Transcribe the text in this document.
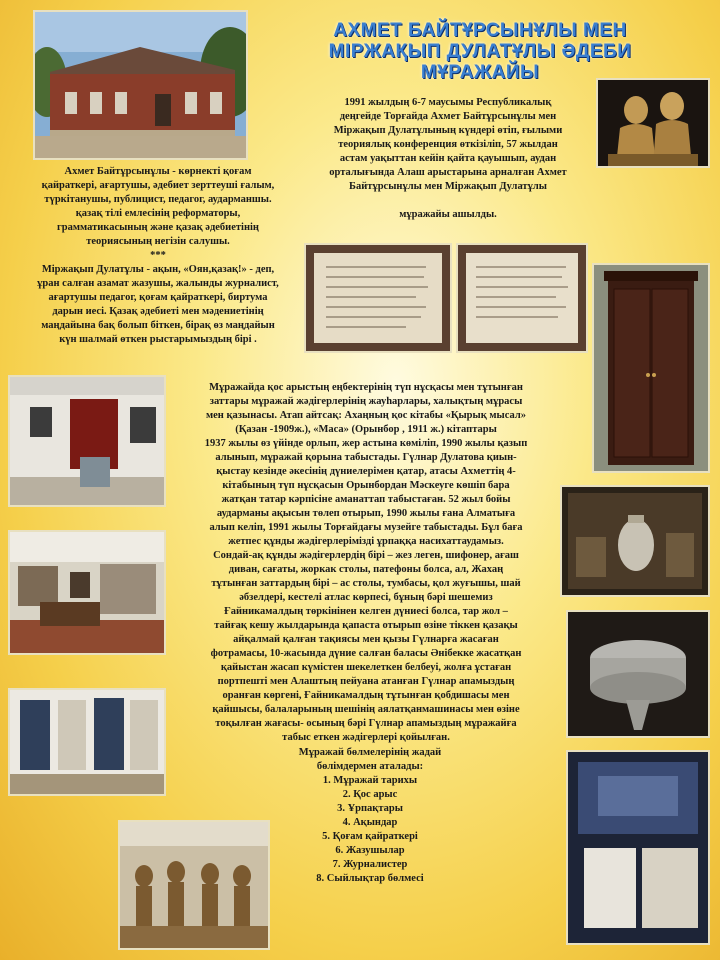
АХМЕТ БАЙТҰРСЫНҰЛЫ МЕН
МІРЖАҚЫП ДУЛАТҰЛЫ ӘДЕБИ
МҰРАЖАЙЫ
1991 жылдың 6-7 маусымы Республикалық
деңгейде Торғайда Ахмет Байтұрсынұлы мен
Міржақып Дулатұлының күндері өтіп, ғылыми
теориялық конференция өткізіліп, 57 жылдан
астам уақыттан кейін қайта қауышып, аудан
орталығында Алаш арыстарына арналған Ахмет
Байтұрсынұлы мен Міржақып Дулатұлы
мұражайы ашылды.
Ахмет Байтұрсынұлы - көрнекті қоғам
қайраткері, ағартушы, әдебиет зерттеуші ғалым,
түркітанушы, публицист, педагог, аударманшы.
қазақ тілі емлесінің реформаторы,
грамматикасының және қазақ әдебиетінің
теориясының негізін салушы.
***
Міржақып Дулатұлы - ақын, «Оян,қазақ!» - деп,
ұран салған азамат жазушы, жалынды журналист,
ағартушы педагог, қоғам қайраткері, биртума
дарын иесі. Қазақ әдебиеті мен мәдениетінің
маңдайына бақ болып біткен, бірақ өз маңдайын
күн шалмай өткен рыстарымыздың бірі .
Мұражайда қос арыстың еңбектерінің түп нұсқасы мен тұтынған
заттары мұражай жәдігерлерінің жауһарлары, халықтың мұрасы
мен қазынасы. Атап айтсақ: Ахаңның қос кітабы «Қырық мысал»
(Қазан -1909ж.), «Маса» (Орынбор , 1911 ж.) кітаптары
1937 жылы өз үйінде орлып, жер астына көміліп, 1990 жылы қазып
алынып, мұражай қорына табыстады. Гүлнар Дулатова қиын-
қыстау кезінде әкесінің дүниелерімен қатар, атасы Ахметтің 4-
кітабының түп нұсқасын Орынбордан Мәскеуге көшіп бара
жатқан татар кәрпісіне аманаттап табыстаған. 52 жыл бойы
аударманы ақысын төлеп отырып, 1990 жылы ғана Алматыға
алып келіп, 1991 жылы Торғайдағы музейге табыстады. Бұл бағa
жетпес құнды жәдігерлерімізді ұрпаққа насихаттаудамыз.
Сондай-ақ құнды жәдігерлердің бірі – жез леген, шифонер, ағаш
диван, сағаты, жоркак столы, патефоны болса, ал, Жахаң
тұтынған заттардың бірі – ас столы, тумбасы, қол жуғышы, шай
әбзелдері, кестелі атлас көрпесі, бұның бәрі шешемиз
Ғайникамалдың төркінінен келген дүниесі болса, тар жол –
тайғақ кешу жылдарында қапаста отырып өзіне тіккен қазақы
айқалмай қалған тақиясы мен қызы Гүлнарға жасаған
фотрамасы, 10-жасында дүние салған баласы Әнібекке жасатқан
қайыстан жасап күмістен шекелеткен белбеуі, жолға ұстаған
портпешті мен Алаштың пейуана атанған Гүлнар апамыздың
оранған көргені, Ғайникамалдың тұтынған қобдишасы мен
қайшысы, балаларының шешінің аялатқанмашинасы мен өзіне
тоқылған жағасы- осының бәрі Гүлнар апамыздың мұражайға
табыс еткен жәдігерлері қойылған.
Мұражай бөлмелерінің жадай
бөлімдермен аталады:
1. Мұражай тарихы
2. Қос арыс
3. Ұрпақтары
4. Ақындар
5. Қоғам қайраткері
6. Жазушылар
7. Журналистер
8. Сыйлықтар бөлмесі
